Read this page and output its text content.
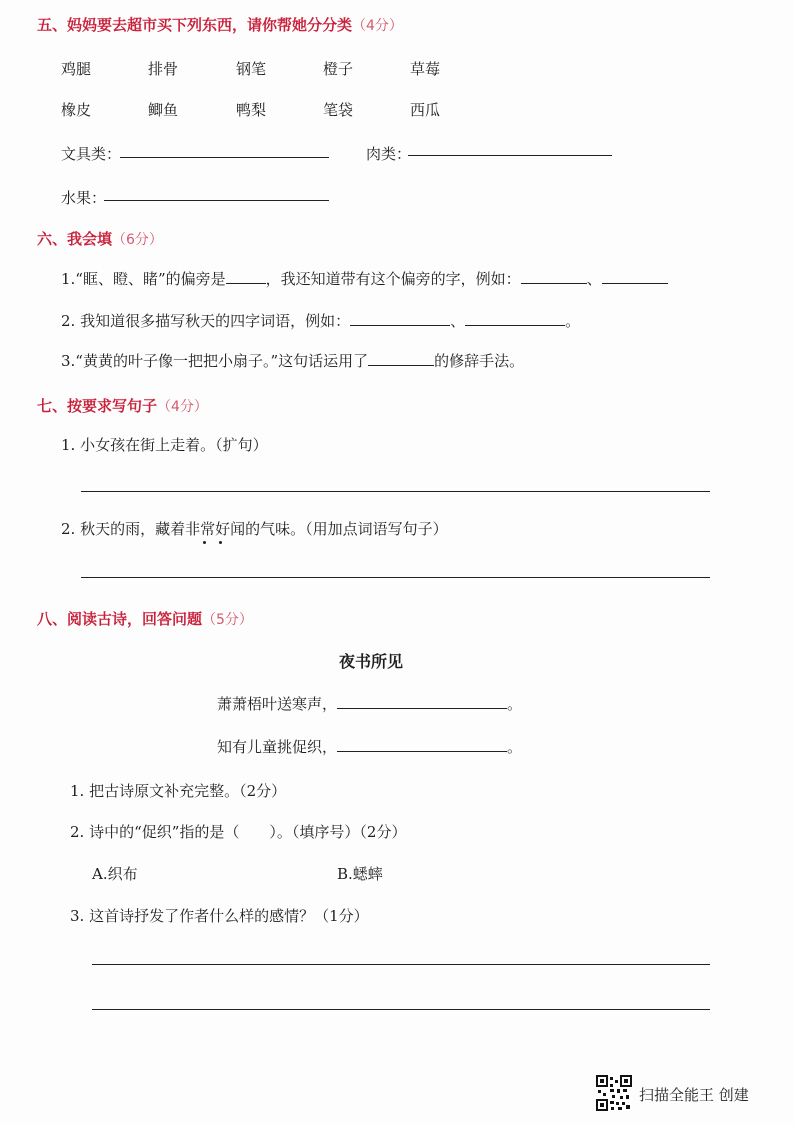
五、妈妈要去超市买下列东西，请你帮她分分类（4分）
鸡腿	排骨	钢笔	橙子	草莓
橡皮	鲫鱼	鸭梨	笔袋	西瓜
文具类：	肉类：
水果：
六、我会填（6分）
1.“眶、瞪、睹”的偏旁是	，我还知道带有这个偏旁的字，例如：	、
2. 我知道很多描写秋天的四字词语，例如：	、	。
3.“黄黄的叶子像一把把小扇子。”这句话运用了	的修辞手法。
七、按要求写句子（4分）
1. 小女孩在街上走着。（扩句）
2. 秋天的雨，藏着非常好闻的气味。（用加点词语写句子）
八、阅读古诗，回答问题（5分）
夜书所见
萧萧梧叶送寒声，	。
知有儿童挑促织，	。
1. 把古诗原文补充完整。（2分）
2. 诗中的“促织”指的是（　　）。（填序号）（2分）
A.织布	B.蟋蟀
3. 这首诗抒发了作者什么样的感情？（1分）
扫描全能王 创建
